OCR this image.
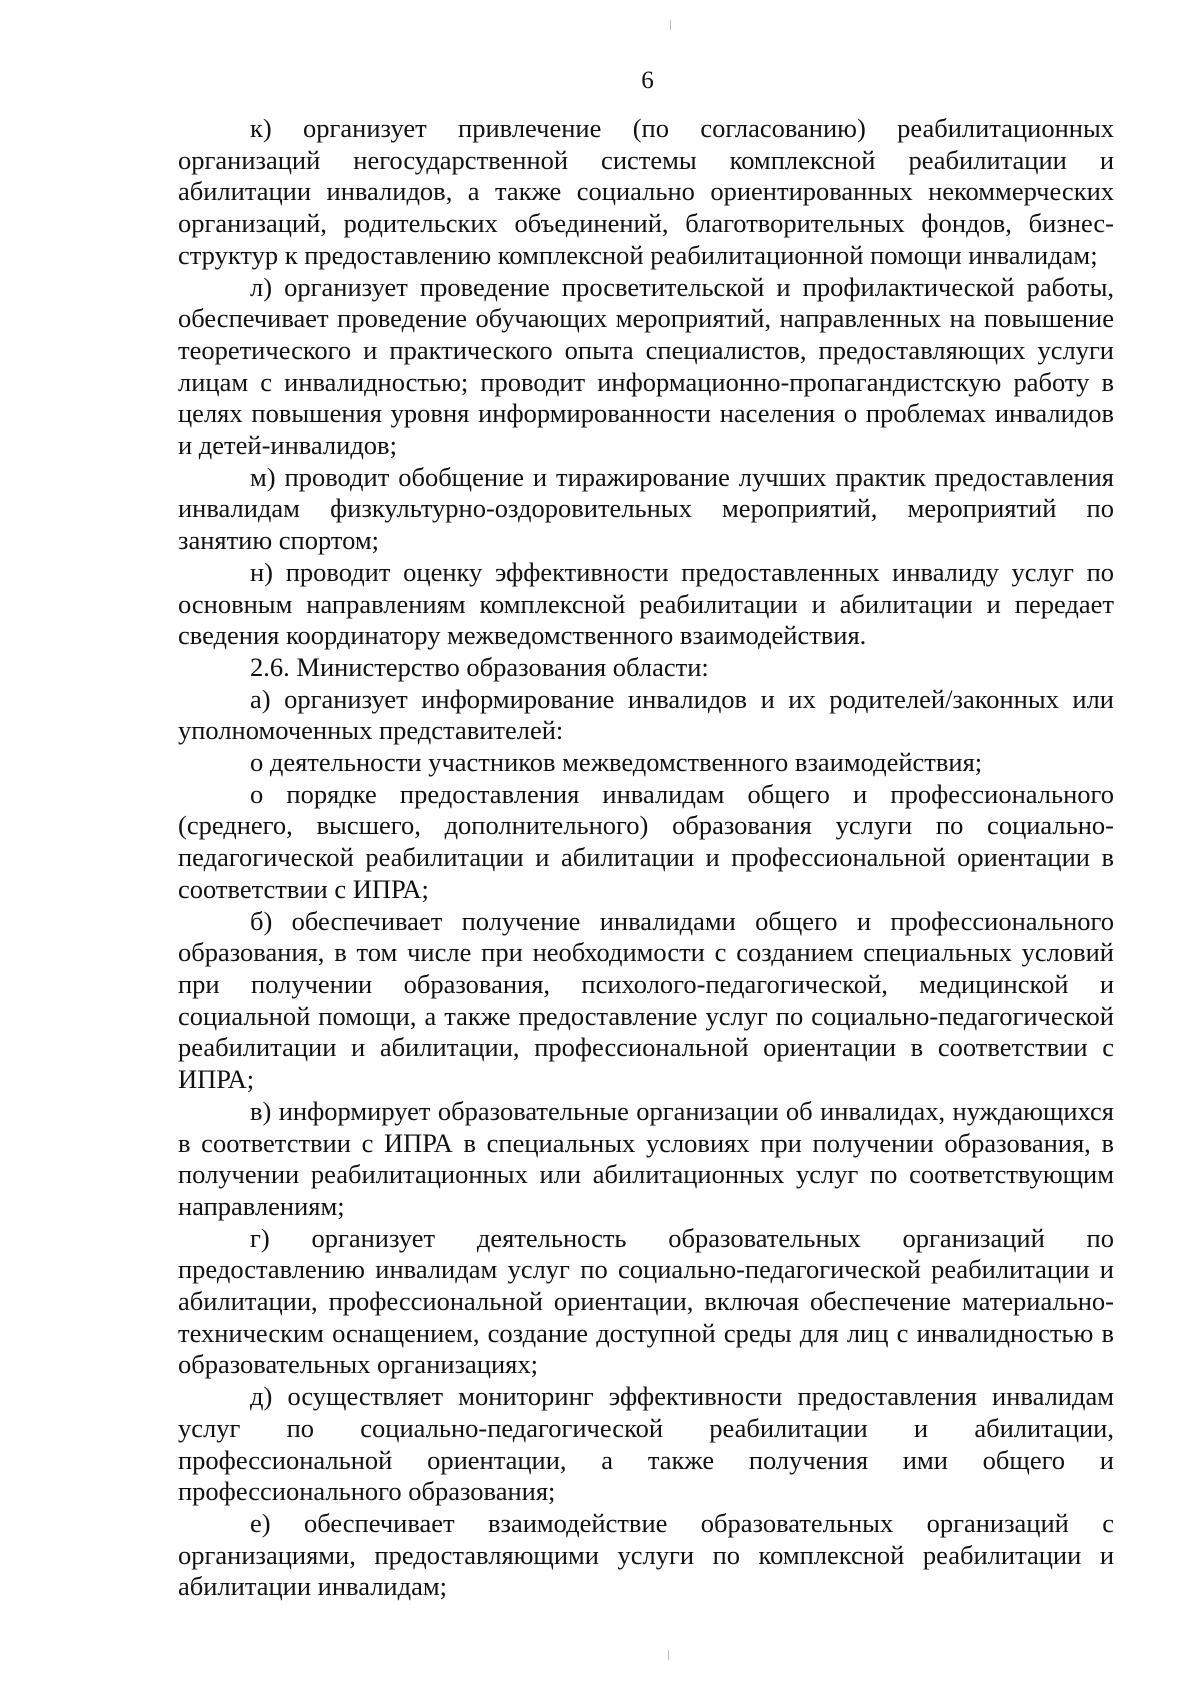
6

к) организует привлечение (по согласованию) реабилитационных организаций негосударственной системы комплексной реабилитации и абилитации инвалидов, а также социально ориентированных некоммерческих организаций, родительских объединений, благотворительных фондов, бизнес-структур к предоставлению комплексной реабилитационной помощи инвалидам;

л) организует проведение просветительской и профилактической работы, обеспечивает проведение обучающих мероприятий, направленных на повышение теоретического и практического опыта специалистов, предоставляющих услуги лицам с инвалидностью; проводит информационно-пропагандистскую работу в целях повышения уровня информированности населения о проблемах инвалидов и детей-инвалидов;

м) проводит обобщение и тиражирование лучших практик предоставления инвалидам физкультурно-оздоровительных мероприятий, мероприятий по занятию спортом;

н) проводит оценку эффективности предоставленных инвалиду услуг по основным направлениям комплексной реабилитации и абилитации и передает сведения координатору межведомственного взаимодействия.

2.6. Министерство образования области:

а) организует информирование инвалидов и их родителей/законных или уполномоченных представителей:

о деятельности участников межведомственного взаимодействия;

о порядке предоставления инвалидам общего и профессионального (среднего, высшего, дополнительного) образования услуги по социально-педагогической реабилитации и абилитации и профессиональной ориентации в соответствии с ИПРА;

б) обеспечивает получение инвалидами общего и профессионального образования, в том числе при необходимости с созданием специальных условий при получении образования, психолого-педагогической, медицинской и социальной помощи, а также предоставление услуг по социально-педагогической реабилитации и абилитации, профессиональной ориентации в соответствии с ИПРА;

в) информирует образовательные организации об инвалидах, нуждающихся в соответствии с ИПРА в специальных условиях при получении образования, в получении реабилитационных или абилитационных услуг по соответствующим направлениям;

г) организует деятельность образовательных организаций по предоставлению инвалидам услуг по социально-педагогической реабилитации и абилитации, профессиональной ориентации, включая обеспечение материально-техническим оснащением, создание доступной среды для лиц с инвалидностью в образовательных организациях;

д) осуществляет мониторинг эффективности предоставления инвалидам услуг по социально-педагогической реабилитации и абилитации, профессиональной ориентации, а также получения ими общего и профессионального образования;

е) обеспечивает взаимодействие образовательных организаций с организациями, предоставляющими услуги по комплексной реабилитации и абилитации инвалидам;
